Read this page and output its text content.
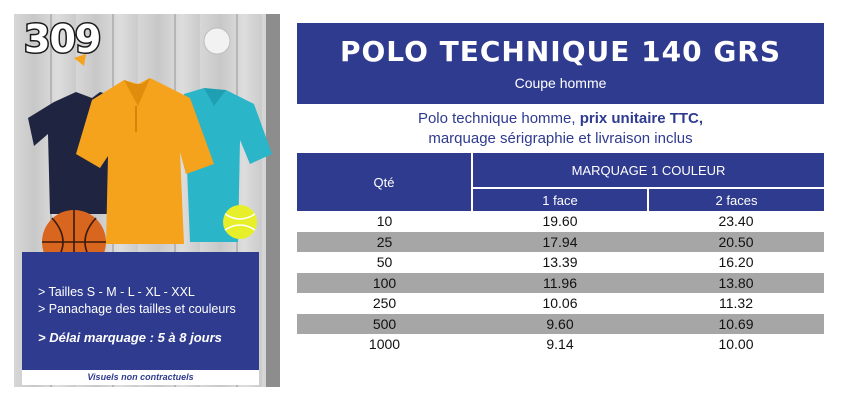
309
> Tailles S - M - L - XL - XXL
> Panachage des tailles et couleurs
> Délai marquage : 5 à 8 jours
Visuels non contractuels
POLO TECHNIQUE 140 GRS
Coupe homme
Polo technique homme, prix unitaire TTC,
marquage sérigraphie et livraison inclus
Qté	MARQUAGE 1 COULEUR	
	1 face	2 faces
10	19.60	23.40
25	17.94	20.50
50	13.39	16.20
100	11.96	13.80
250	10.06	11.32
500	9.60	10.69
1000	9.14	10.00
